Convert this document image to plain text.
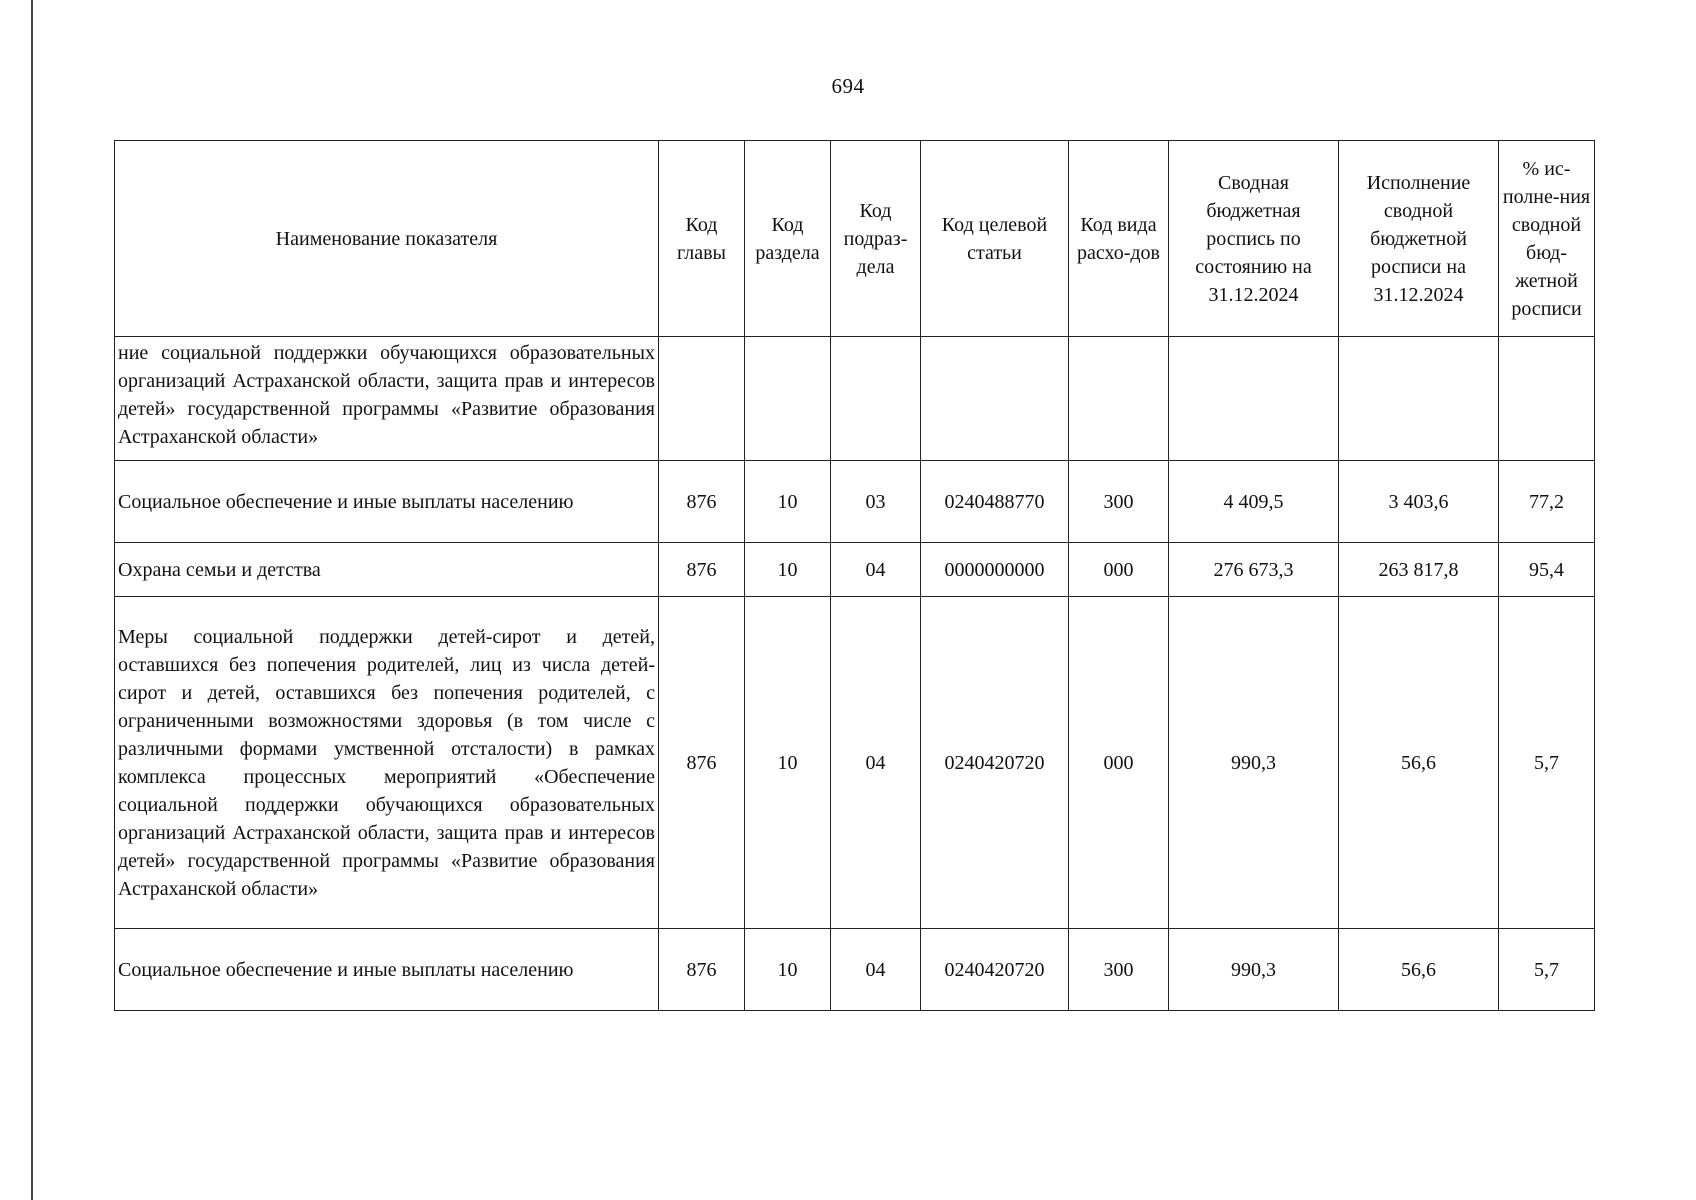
694
Наименование показателя	Код главы	Код раздела	Код подраз-дела	Код целевой статьи	Код вида расхо-дов	Сводная бюджетная роспись по состоянию на 31.12.2024	Исполнение сводной бюджетной росписи на 31.12.2024	% ис-полне-ния сводной бюд-жетной росписи
ние социальной поддержки обучающихся образовательных организаций Астраханской области, защита прав и интересов детей» государственной программы «Развитие образования Астраханской области»								
Социальное обеспечение и иные выплаты населению	876	10	03	0240488770	300	4 409,5	3 403,6	77,2
Охрана семьи и детства	876	10	04	0000000000	000	276 673,3	263 817,8	95,4
Меры социальной поддержки детей-сирот и детей, оставшихся без попечения родителей, лиц из числа детей-сирот и детей, оставшихся без попечения родителей, с ограниченными возможностями здоровья (в том числе с различными формами умственной отсталости) в рамках комплекса процессных мероприятий «Обеспечение социальной поддержки обучающихся образовательных организаций Астраханской области, защита прав и интересов детей» государственной программы «Развитие образования Астраханской области»	876	10	04	0240420720	000	990,3	56,6	5,7
Социальное обеспечение и иные выплаты населению	876	10	04	0240420720	300	990,3	56,6	5,7
